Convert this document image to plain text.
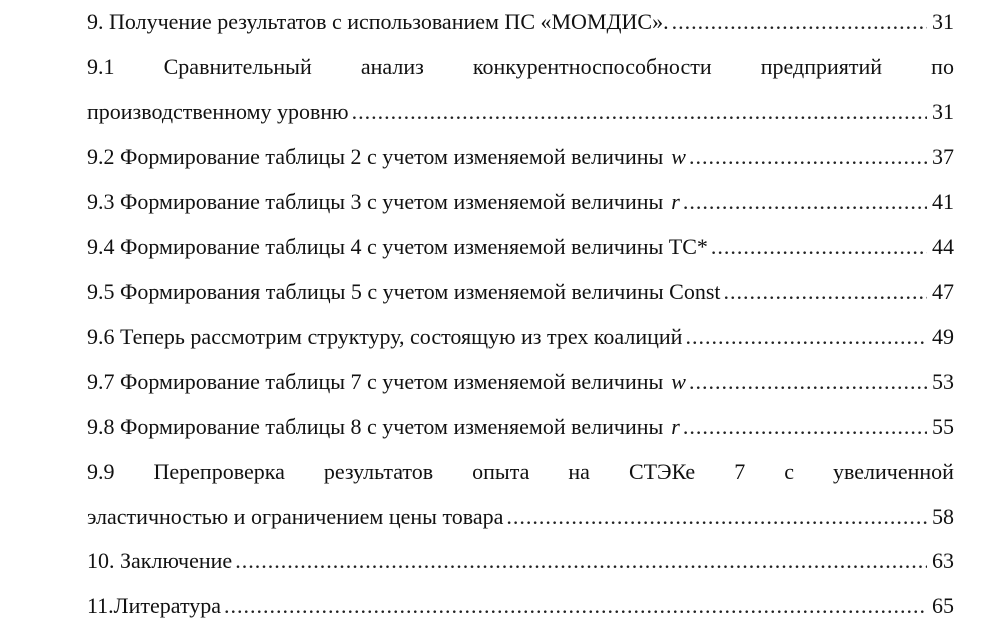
9. Получение результатов с использованием ПС «МОМДИС». .....	31
9.1 Сравнительный анализ конкурентноспособности предприятий по
производственному уровню .....	31
9.2 Формирование таблицы 2 с учетом изменяемой величины w .....	37
9.3 Формирование таблицы 3 с учетом изменяемой величины r .....	41
9.4 Формирование таблицы 4 с учетом изменяемой величины ТС* .....	44
9.5 Формирования таблицы 5 с учетом изменяемой величины Const .....	47
9.6 Теперь рассмотрим структуру, состоящую из трех коалиций .....	49
9.7 Формирование таблицы 7 с учетом изменяемой величины w .....	53
9.8 Формирование таблицы 8 с учетом изменяемой величины r .....	55
9.9 Перепроверка результатов опыта на СТЭКе 7 с увеличенной
эластичностью и ограничением цены товара .....	58
10. Заключение .....	63
11.Литература .....	65
